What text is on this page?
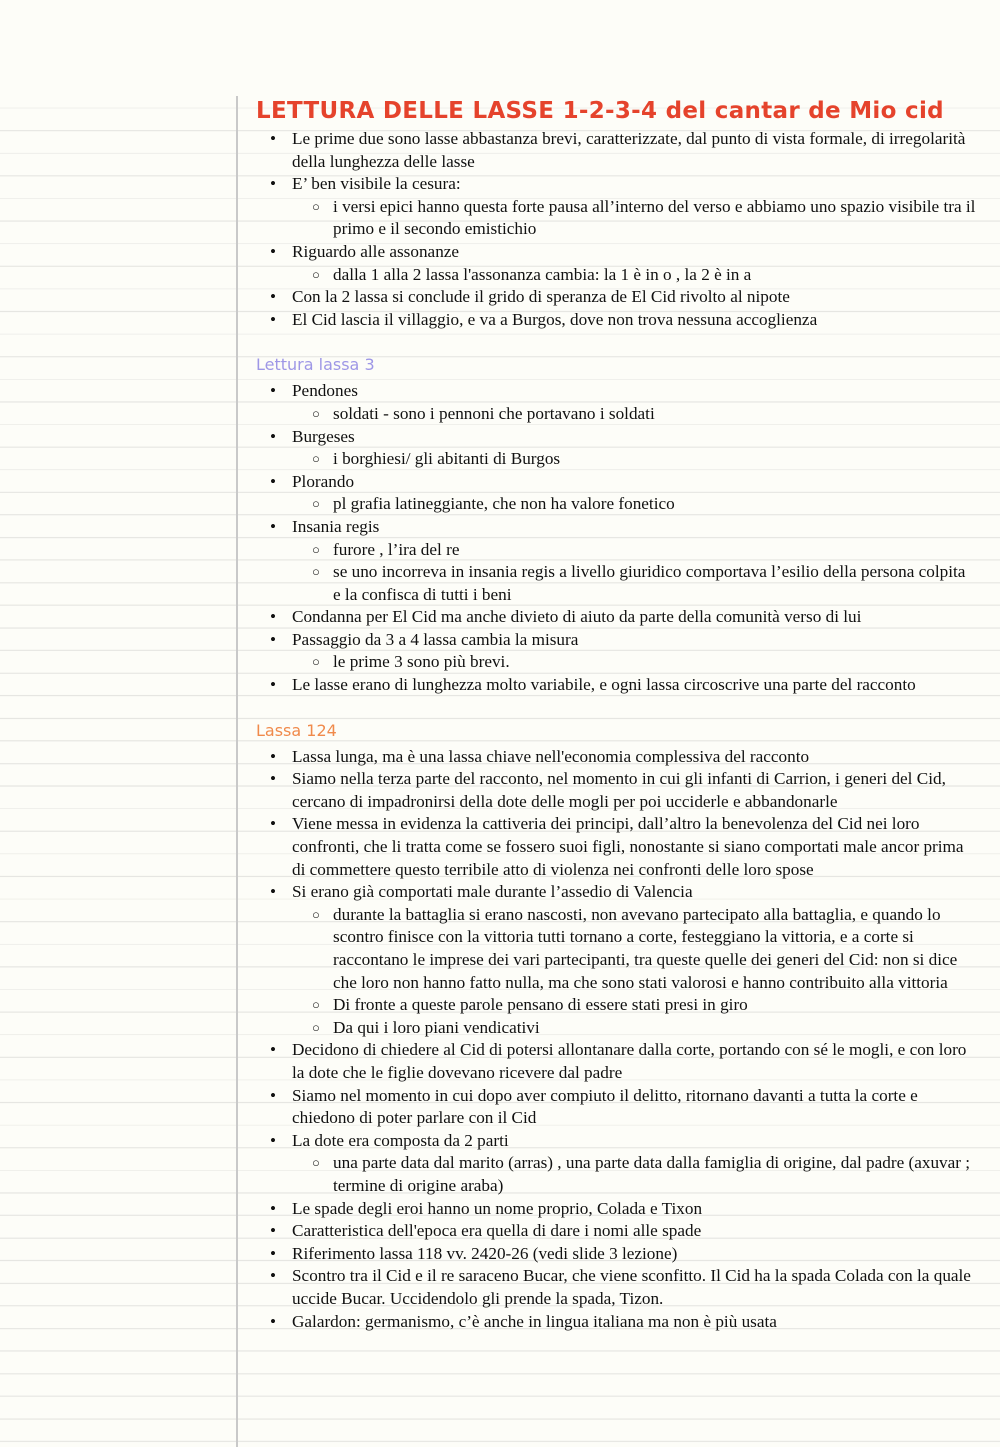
LETTURA DELLE LASSE 1-2-3-4 del cantar de Mio cid
• Le prime due sono lasse abbastanza brevi, caratterizzate, dal punto di vista formale, di irregolarità della lunghezza delle lasse
• E’ ben visibile la cesura:
○ i versi epici hanno questa forte pausa all’interno del verso e abbiamo uno spazio visibile tra il primo e il secondo emistichio
• Riguardo alle assonanze
○ dalla 1 alla 2 lassa l'assonanza cambia: la 1 è in o , la 2 è in a
• Con la 2 lassa si conclude il grido di speranza de El Cid rivolto al nipote
• El Cid lascia il villaggio, e va a Burgos, dove non trova nessuna accoglienza
Lettura lassa 3
• Pendones
○ soldati - sono i pennoni che portavano i soldati
• Burgeses
○ i borghiesi/ gli abitanti di Burgos
• Plorando
○ pl grafia latineggiante, che non ha valore fonetico
• Insania regis
○ furore , l’ira del re
○ se uno incorreva in insania regis a livello giuridico comportava l’esilio della persona colpita e la confisca di tutti i beni
• Condanna per El Cid ma anche divieto di aiuto da parte della comunità verso di lui
• Passaggio da 3 a 4 lassa cambia la misura
○ le prime 3 sono più brevi.
• Le lasse erano di lunghezza molto variabile, e ogni lassa circoscrive una parte del racconto
Lassa 124
• Lassa lunga, ma è una lassa chiave nell'economia complessiva del racconto
• Siamo nella terza parte del racconto, nel momento in cui gli infanti di Carrion, i generi del Cid, cercano di impadronirsi della dote delle mogli per poi ucciderle e abbandonarle
• Viene messa in evidenza la cattiveria dei principi, dall’altro la benevolenza del Cid nei loro confronti, che li tratta come se fossero suoi figli, nonostante si siano comportati male ancor prima di commettere questo terribile atto di violenza nei confronti delle loro spose
• Si erano già comportati male durante l’assedio di Valencia
○ durante la battaglia si erano nascosti, non avevano partecipato alla battaglia, e quando lo scontro finisce con la vittoria tutti tornano a corte, festeggiano la vittoria, e a corte si raccontano le imprese dei vari partecipanti, tra queste quelle dei generi del Cid: non si dice che loro non hanno fatto nulla, ma che sono stati valorosi e hanno contribuito alla vittoria
○ Di fronte a queste parole pensano di essere stati presi in giro
○ Da qui i loro piani vendicativi
• Decidono di chiedere al Cid di potersi allontanare dalla corte, portando con sé le mogli, e con loro la dote che le figlie dovevano ricevere dal padre
• Siamo nel momento in cui dopo aver compiuto il delitto, ritornano davanti a tutta la corte e chiedono di poter parlare con il Cid
• La dote era composta da 2 parti
○ una parte data dal marito (arras) , una parte data dalla famiglia di origine, dal padre (axuvar ; termine di origine araba)
• Le spade degli eroi hanno un nome proprio, Colada e Tixon
• Caratteristica dell'epoca era quella di dare i nomi alle spade
• Riferimento lassa 118 vv. 2420-26 (vedi slide 3 lezione)
• Scontro tra il Cid e il re saraceno Bucar, che viene sconfitto. Il Cid ha la spada Colada con la quale uccide Bucar. Uccidendolo gli prende la spada, Tizon.
• Galardon: germanismo, c’è anche in lingua italiana ma non è più usata
